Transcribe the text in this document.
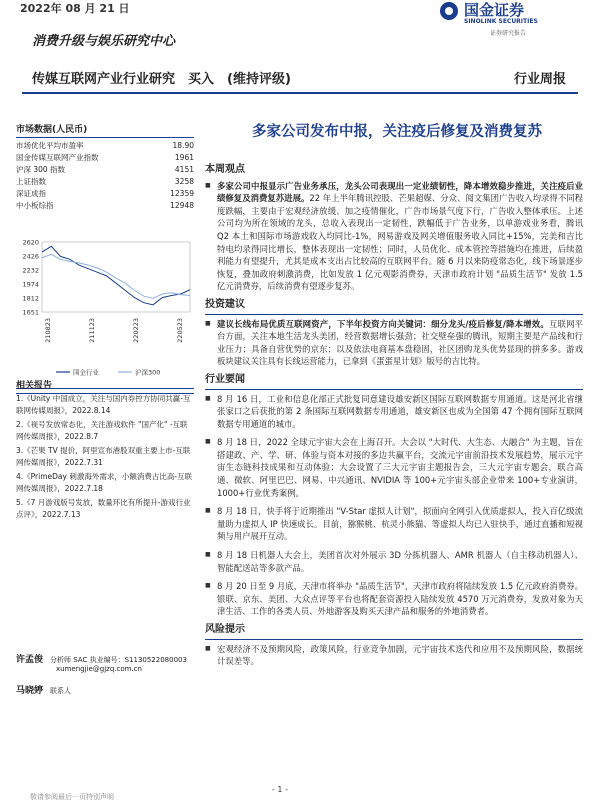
2022年 08 月 21 日	国金证券
SINOLINK SECURITIES
证券研究报告
消费升级与娱乐研究中心
传媒互联网产业行业研究　买入　(维持评级)	行业周报
市场数据(人民币)
市场优化平均市盈率	18.90
国金传媒互联网产业指数	1961
沪深 300 指数	4151
上证指数	3258
深证成指	12359
中小板综指	12948
2620
2426
2232
1974
1812
1651
210823	211123	220223	220523
国金行业	沪深300
相关报告
1.《Unity 中国成立，关注与国内券控方协同共赢-互联网传媒周报》，2022.8.14
2.《视号发放常态化，关注游戏软件 "国产化" -互联网传媒周报》，2022.8.7
3.《芒果 TV 提价，阿里宣布港股双重主要上市-互联网传媒周报》，2022.7.31
4.《PrimeDay 刺激海外需求，小额消费占比高-互联网传媒周报》，2022.7.18
5.《7 月游戏版号发放，数量环比有所提升-游戏行业点评》，2022.7.13
许孟俊　 分析师 SAC 执业编号：S1130522080003
xumengjie@gjzq.com.cn
马晓婷　 联系人
多家公司发布中报，关注疫后修复及消费复苏
本周观点
■ 多家公司中报显示广告业务承压，龙头公司表现出一定业绩韧性，降本增效稳步推进，关注疫后业绩修复及消费复苏进展。22 年上半年腾讯控股、芒果超媒、分众、阅文集团广告收入均录得不同程度跌幅，主要由于宏观经济放缓、加之疫情催化，广告市场景气度下行，广告收入整体承压。上述公司均为所在领域的龙头，总收入表现出一定韧性，跌幅低于广告业务，以单游戏业务看，腾讯 Q2 本土和国际市场游戏收入均同比-1%，网易游戏及网关增值服务收入同比+15%，完美和吉比特电均录得同比增长，整体表现出一定韧性；同时，人员优化、成本管控等措施均在推进，后续盈利能力有望提升，尤其是成本支出占比较高的互联网平台。随 6 月以来防疫常态化，线下场景逐步恢复，叠加政府刺激消费，比如发放 1 亿元观影消费券，天津市政府计划 "品质生活节" 发放 1.5 亿元消费券，后续消费有望逐步复苏。
投资建议
■ 建议长线布局优质互联网资产，下半年投资方向关键词：细分龙头/疫后修复/降本增效。互联网平台方面，关注本地生活龙头美团，经营数据增长强劲；社交壁垒强的腾讯，短期主要是产品线和行业压力；具备自营优势的京东；以及依法电商基本盘稳固，社区团购龙头优势显现的拼多多。游戏板块建议关注具有长线运营能力，已拿到《蛋蛋星计划》版号的吉比特。
行业要闻
■ 8 月 16 日，工业和信息化部正式批复同意建设雄安新区国际互联网数据专用通道。这是河北省继张家口之后获批的第 2 条国际互联网数据专用通道，雄安新区也成为全国第 47 个拥有国际互联网数据专用通道的城市。
■ 8 月 18 日，2022 全球元宇宙大会在上海召开。大会以 "大时代、大生态、大融合" 为主题，旨在搭建政、产、学、研、体验与资本对接的多边共赢平台，交流元宇宙前沿技术发展趋势，展示元宇宙生态链科技成果和互动体验；大会设置了三大元宇宙主题报告会，三大元宇宙专题会，联合高通、微软、阿里巴巴、网易、中兴通讯、NVIDIA 等 100+元宇宙头部企业带来 100+专业演讲，1000+行业优秀案例。
■ 8 月 18 日，快手将于近期推出 "V-Star 虚拟人计划"，拟面向全网引入优质虚拟人，投入百亿级流量助力虚拟人 IP 快速成长。目前，猕猴桃、杭灵小熊猫、等虚拟人均已入驻快手，通过直播和短视频与用户展开互动。
■ 8 月 18 日机器人大会上，美团首次对外展示 3D 分拣机器人、AMR 机器人（自主移动机器人）、智能配送站等多款产品。
■ 8 月 20 日至 9 月底，天津市将举办 "品质生活节"，天津市政府将陆续发放 1.5 亿元政府消费券。银联、京东、美团、大众点评等平台也将配套资源投入陆续发放 4570 万元消费券，发放对象为天津生活、工作的各类人员、外地游客及购买天津产品和服务的外地消费者。
风险提示
■ 宏观经济不及预期风险，政策风险，行业竞争加剧，元宇宙技术迭代和应用不及预期风险，数据统计误差等。
- 1 -
敬请参阅最后一页特别声明
